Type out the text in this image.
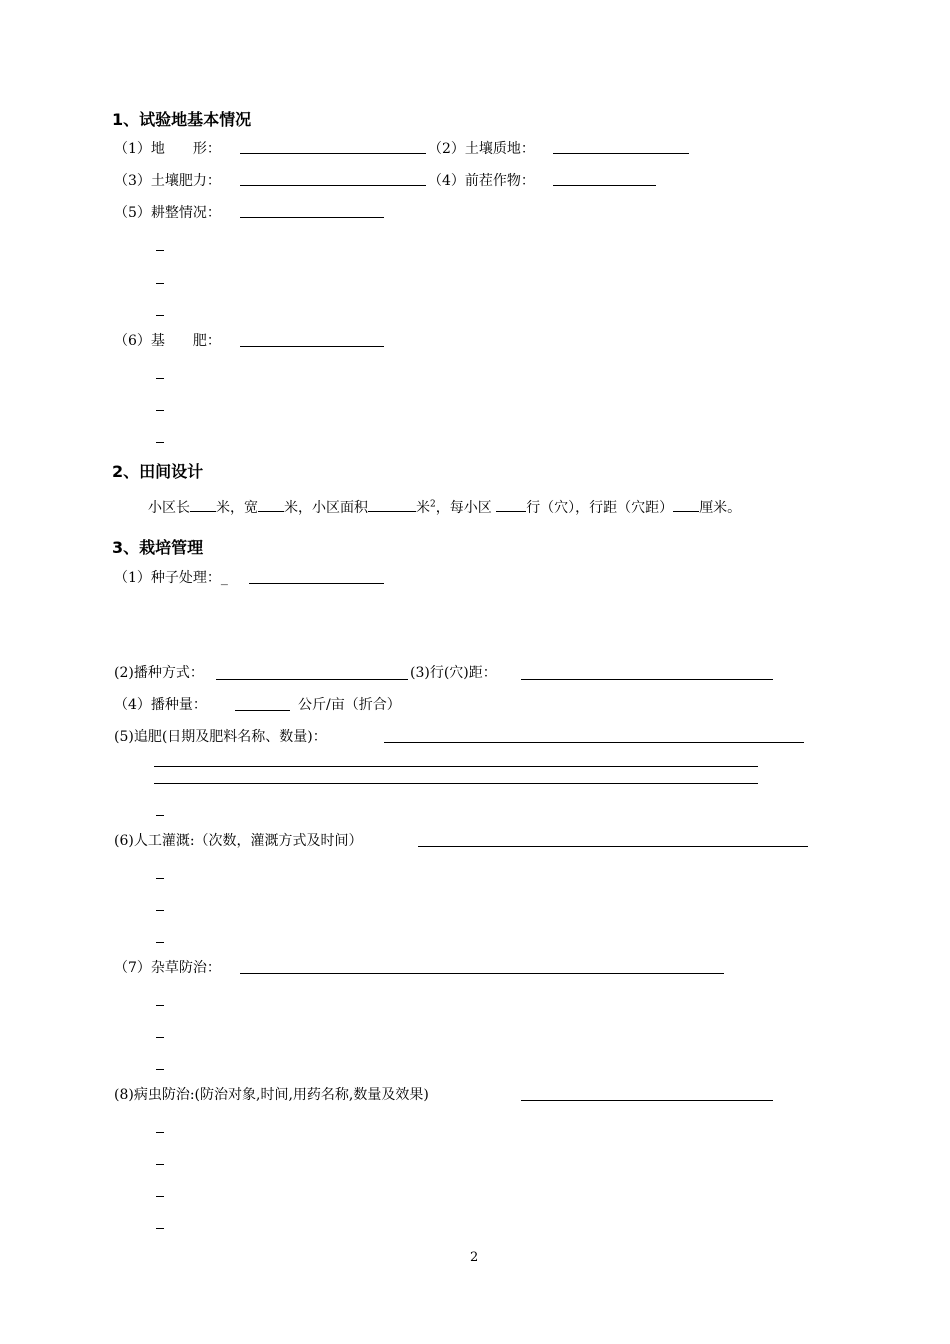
1、试验地基本情况
（1）地　　形：	（2）土壤质地：
（3）土壤肥力：	（4）前茬作物：
（5）耕整情况：
（6）基　　肥：
2、田间设计
小区长 米，宽 米，小区面积	米$^2$，每小区 行（穴），行距（穴距） 厘米。
3、栽培管理
（1）种子处理：_
(2)播种方式：	(3)行(穴)距：
（4）播种量：	公斤/亩（折合）
(5)追肥(日期及肥料名称、数量)：
(6)人工灌溉:（次数，灌溉方式及时间）
（7）杂草防治：
(8)病虫防治:(防治对象,时间,用药名称,数量及效果)
2
